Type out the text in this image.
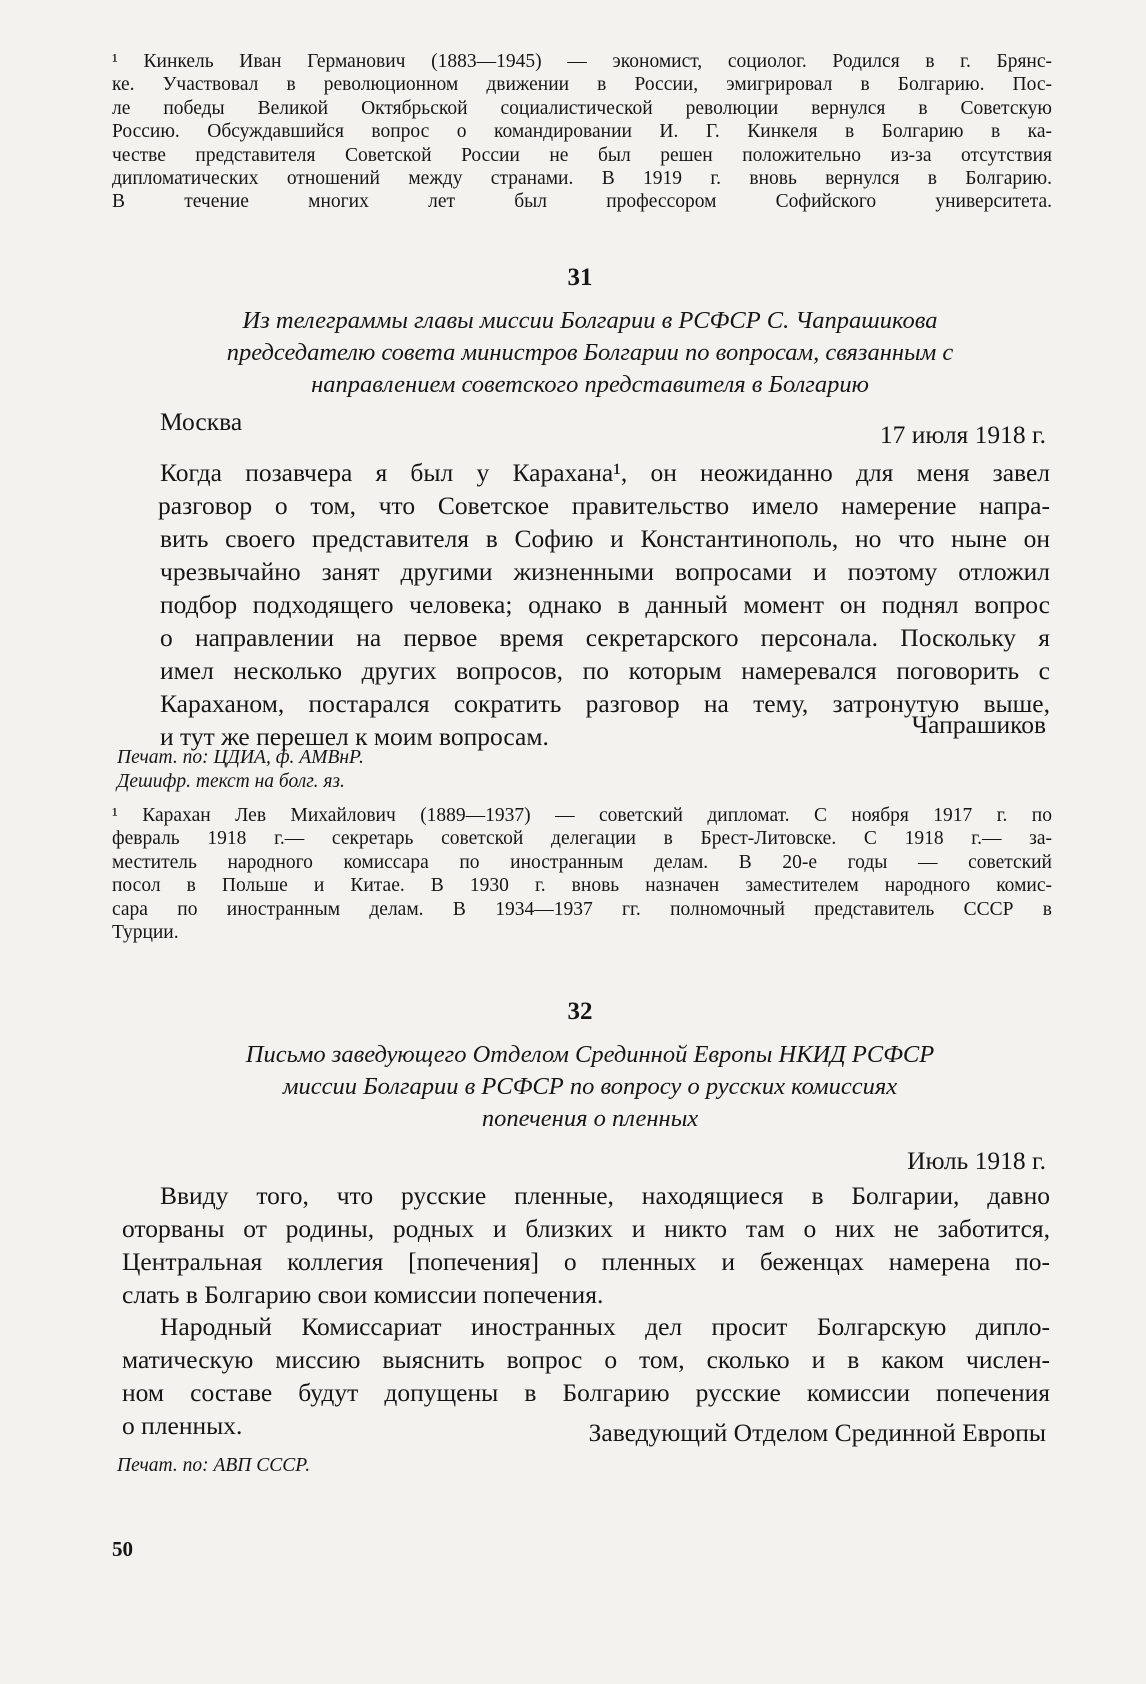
¹ Кинкель Иван Германович (1883—1945) — экономист, социолог. Родился в г. Брянс-
ке. Участвовал в революционном движении в России, эмигрировал в Болгарию. Пос-
ле победы Великой Октябрьской социалистической революции вернулся в Советскую
Россию. Обсуждавшийся вопрос о командировании И. Г. Кинкеля в Болгарию в ка-
честве представителя Советской России не был решен положительно из-за отсутствия
дипломатических отношений между странами. В 1919 г. вновь вернулся в Болгарию.
В течение многих лет был профессором Софийского университета.
31
Из телеграммы главы миссии Болгарии в РСФСР С. Чапрашикова
председателю совета министров Болгарии по вопросам, связанным с
направлением советского представителя в Болгарию
Москва	17 июля 1918 г.
Когда позавчера я был у Карахана¹, он неожиданно для меня завел
разговор о том, что Советское правительство имело намерение напра-
вить своего представителя в Софию и Константинополь, но что ныне он
чрезвычайно занят другими жизненными вопросами и поэтому отложил
подбор подходящего человека; однако в данный момент он поднял вопрос
о направлении на первое время секретарского персонала. Поскольку я
имел несколько других вопросов, по которым намеревался поговорить с
Караханом, постарался сократить разговор на тему, затронутую выше,
и тут же перешел к моим вопросам.	Чапрашиков
Печат. по: ЦДИА, ф. АМВнР.
Дешифр. текст на болг. яз.
¹ Карахан Лев Михайлович (1889—1937) — советский дипломат. С ноября 1917 г. по
февраль 1918 г.— секретарь советской делегации в Брест-Литовске. С 1918 г.— за-
меститель народного комиссара по иностранным делам. В 20-е годы — советский
посол в Польше и Китае. В 1930 г. вновь назначен заместителем народного комис-
сара по иностранным делам. В 1934—1937 гг. полномочный представитель СССР в
Турции.
32
Письмо заведующего Отделом Срединной Европы НКИД РСФСР
миссии Болгарии в РСФСР по вопросу о русских комиссиях
попечения о пленных
Июль 1918 г.
Ввиду того, что русские пленные, находящиеся в Болгарии, давно
оторваны от родины, родных и близких и никто там о них не заботится,
Центральная коллегия [попечения] о пленных и беженцах намерена по-
слать в Болгарию свои комиссии попечения.
Народный Комиссариат иностранных дел просит Болгарскую дипло-
матическую миссию выяснить вопрос о том, сколько и в каком числен-
ном составе будут допущены в Болгарию русские комиссии попечения
о пленных.	Заведующий Отделом Срединной Европы
Печат. по: АВП СССР.
50
